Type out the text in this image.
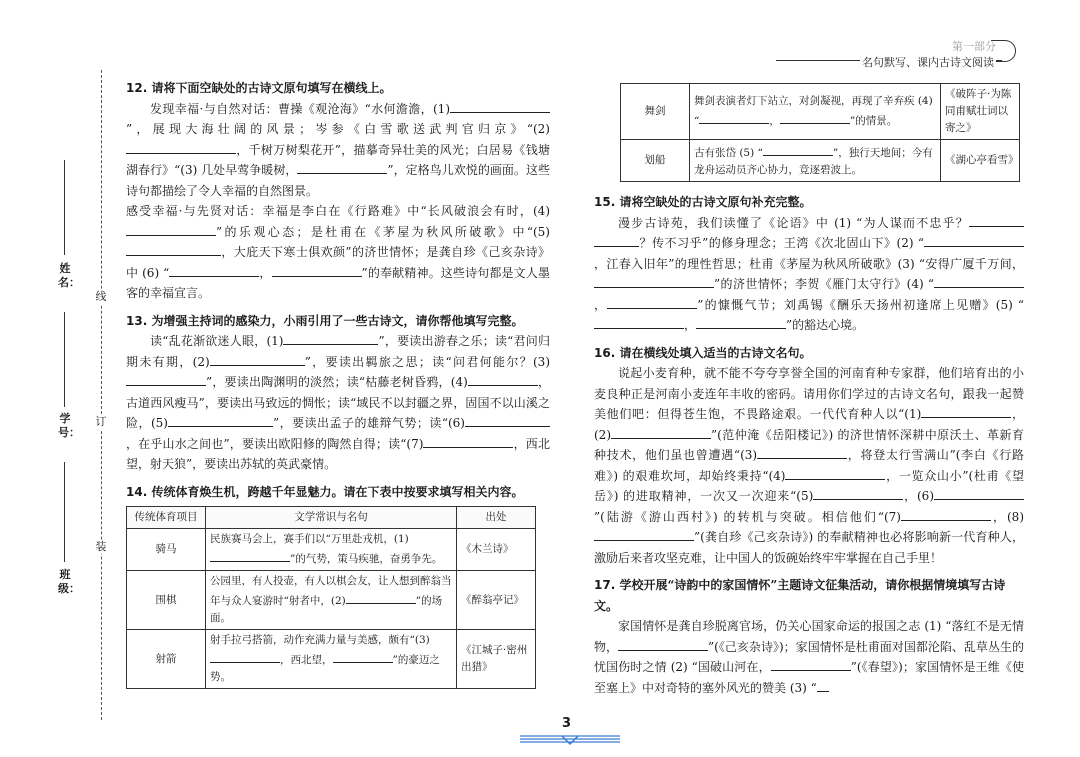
线
订
装
姓名：
学号：
班级：
第一部分
名句默写、课内古诗文阅读
12. 请将下面空缺处的古诗文原句填写在横线上。
发现幸福·与自然对话：曹操《观沧海》“水何澹澹，(1)”，展现大海壮阔的风景；岑参《白雪歌送武判官归京》“(2)，千树万树梨花开”，描摹奇异壮美的风光；白居易《钱塘湖春行》“(3) 几处早莺争暖树，	”，定格鸟儿欢悦的画面。这些诗句都描绘了令人幸福的自然图景。
感受幸福·与先贤对话：幸福是李白在《行路难》中“长风破浪会有时，(4)”的乐观心态；是杜甫在《茅屋为秋风所破歌》中“(5)，大庇天下寒士俱欢颜”的济世情怀；是龚自珍《己亥杂诗》中 (6) “	，	”的奉献精神。这些诗句都是文人墨客的幸福宣言。
13. 为增强主持词的感染力，小雨引用了一些古诗文，请你帮他填写完整。
读“乱花渐欲迷人眼，(1)	”，要读出游春之乐；读“君问归期未有期，(2)	”，要读出羁旅之思；读“问君何能尔？(3)”，要读出陶渊明的淡然；读“枯藤老树昏鸦，(4)	，古道西风瘦马”，要读出马致远的惆怅；读“域民不以封疆之界，固国不以山溪之险，(5)	”，要读出孟子的雄辩气势；读“(6)，在乎山水之间也”，要读出欧阳修的陶然自得；读“(7)	，西北望，射天狼”，要读出苏轼的英武豪情。
14. 传统体育焕生机，跨越千年显魅力。请在下表中按要求填写相关内容。
传统体育项目	文学常识与名句	出处
骑马	民族赛马会上，赛手们以“万里赴戎机，(1)”的气势，策马疾驰，奋勇争先。	《木兰诗》
围棋	公园里，有人投壶，有人以棋会友，让人想到醉翁当年与众人宴游时“射者中，(2) ”的场面。	《醉翁亭记》
射箭	射手拉弓搭箭，动作充满力量与美感，颇有“(3)，西北望， ”的豪迈之势。	《江城子·密州出猎》
舞剑	舞剑表演者灯下站立，对剑凝视，再现了辛弃疾 (4) “ ， ”的情景。	《破阵子·为陈同甫赋壮词以寄之》
划船	古有张岱 (5) “ ”，独行天地间；今有龙舟运动员齐心协力，竞逐碧波上。	《湖心亭看雪》
15. 请将空缺处的古诗文原句补充完整。
漫步古诗苑，我们读懂了《论语》中 (1) “为人谋而不忠乎？？传不习乎”的修身理念；王湾《次北固山下》(2) “，江春入旧年”的理性哲思；杜甫《茅屋为秋风所破歌》(3) “安得广厦千万间，”的济世情怀；李贺《雁门太守行》(4) “，	”的慷慨气节；刘禹锡《酬乐天扬州初逢席上见赠》(5) “，	”的豁达心境。
16. 请在横线处填入适当的古诗文名句。
说起小麦育种，就不能不夸夸享誉全国的河南育种专家群，他们培育出的小麦良种正是河南小麦连年丰收的密码。请用你们学过的古诗文名句，跟我一起赞美他们吧：但得苍生饱，不畏路途艰。一代代育种人以“(1)	，(2)	”(范仲淹《岳阳楼记》) 的济世情怀深耕中原沃土、革新育种技术，他们虽也曾遭遇“(3)	，将登太行雪满山”(李白《行路难》) 的艰难坎坷，却始终秉持“(4)	，一览众山小”(杜甫《望岳》) 的进取精神，一次又一次迎来“(5)	，(6)”(陆游《游山西村》) 的转机与突破。相信他们“(7)	，(8)”(龚自珍《己亥杂诗》) 的奉献精神也必将影响新一代育种人，激励后来者攻坚克难，让中国人的饭碗始终牢牢掌握在自己手里！
17. 学校开展“诗韵中的家国情怀”主题诗文征集活动，请你根据情境填写古诗文。
家国情怀是龚自珍脱离官场，仍关心国家命运的报国之志 (1) “落红不是无情物，	”(《己亥杂诗》)；家国情怀是杜甫面对国都沦陷、乱草丛生的忧国伤时之情 (2) “国破山河在，	”(《春望》)；家国情怀是王维《使至塞上》中对奇特的塞外风光的赞美 (3) “
3
